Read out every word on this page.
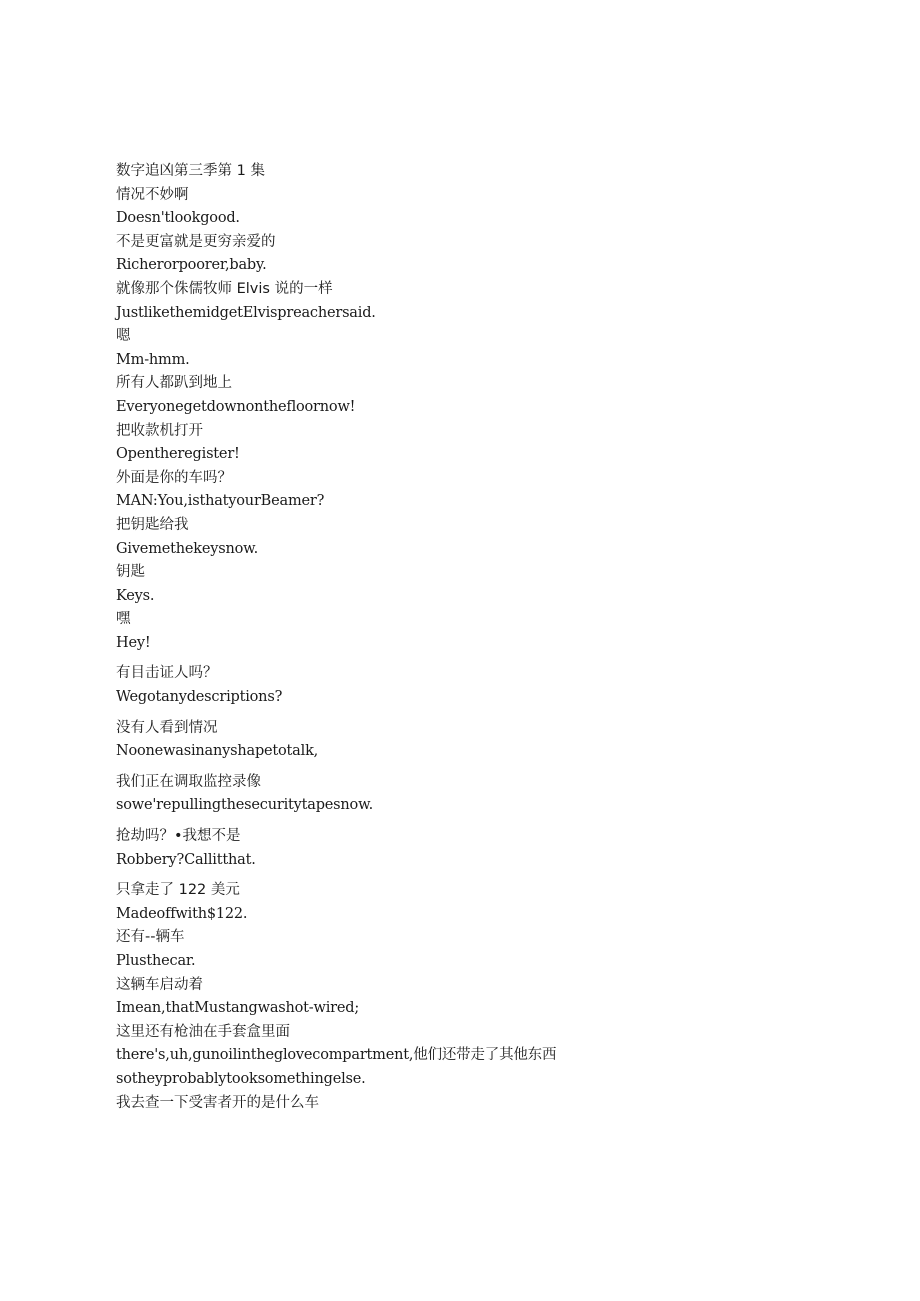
数字追凶第三季第 1 集
情况不妙啊
Doesn'tlookgood.
不是更富就是更穷亲爱的
Richerorpoorer,baby.
就像那个侏儒牧师 Elvis 说的一样
JustlikethemidgetElvispreachersaid.
嗯
Mm-hmm.
所有人都趴到地上
Everyonegetdownonthefloornow!
把收款机打开
Opentheregister!
外面是你的车吗？
MAN:You,isthatyourBeamer?
把钥匙给我
Givemethekeysnow.
钥匙
Keys.
嘿
Hey!
有目击证人吗？
Wegotanydescriptions?
没有人看到情况
Noonewasinanyshapetotalk,
我们正在调取监控录像
sowe'repullingthesecuritytapesnow.
抢劫吗？•我想不是
Robbery?Callitthat.
只拿走了 122 美元
Madeoffwith$122.
还有--辆车
Plusthecar.
这辆车启动着
Imean,thatMustangwashot-wired;
这里还有枪油在手套盒里面
there's,uh,gunoilintheglovecompartment,他们还带走了其他东西
sotheyprobablytooksomethingelse.
我去查一下受害者开的是什么车
